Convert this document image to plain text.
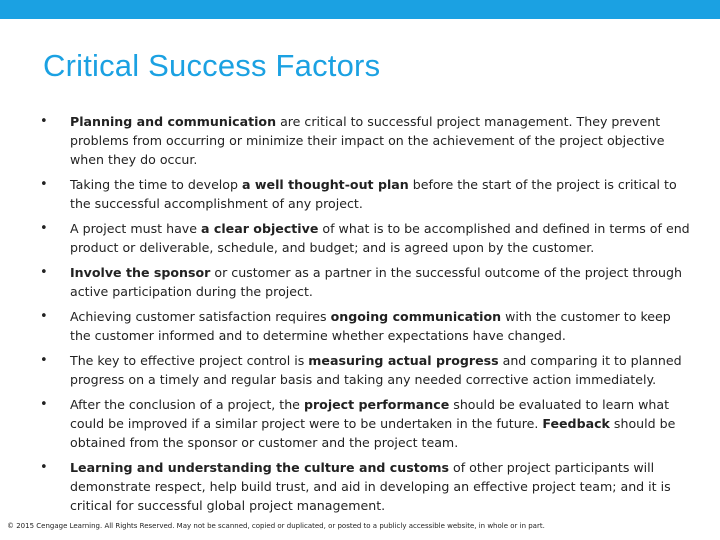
Critical Success Factors
• Planning and communication are critical to successful project management. They prevent problems from occurring or minimize their impact on the achievement of the project objective when they do occur.
• Taking the time to develop a well thought-out plan before the start of the project is critical to the successful accomplishment of any project.
• A project must have a clear objective of what is to be accomplished and defined in terms of end product or deliverable, schedule, and budget; and is agreed upon by the customer.
• Involve the sponsor or customer as a partner in the successful outcome of the project through active participation during the project.
• Achieving customer satisfaction requires ongoing communication with the customer to keep the customer informed and to determine whether expectations have changed.
• The key to effective project control is measuring actual progress and comparing it to planned progress on a timely and regular basis and taking any needed corrective action immediately.
• After the conclusion of a project, the project performance should be evaluated to learn what could be improved if a similar project were to be undertaken in the future. Feedback should be obtained from the sponsor or customer and the project team.
• Learning and understanding the culture and customs of other project participants will demonstrate respect, help build trust, and aid in developing an effective project team; and it is critical for successful global project management.
© 2015 Cengage Learning. All Rights Reserved. May not be scanned, copied or duplicated, or posted to a publicly accessible website, in whole or in part.
